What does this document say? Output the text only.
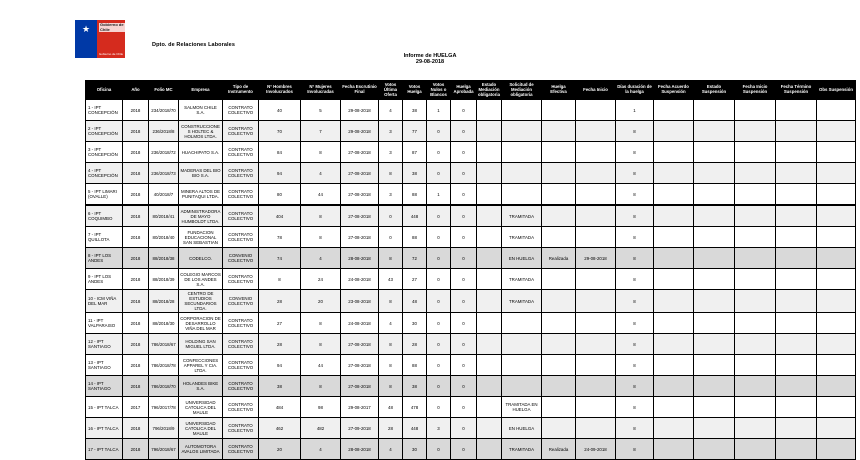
★	Gobierno de Chile
Gobierno de Chile
Dpto. de Relaciones Laborales
Informe de HUELGA
29-08-2018
Oficina	Año	Folio MC	Empresa	Tipo de Instrumento	N° Hombres Involucrados	N° Mujeres Involucradas	Fecha Escrutinio Final	Votos Última Oferta	Votos Huelga	Votos Nulos o Blancos	Huelga Aprobada	Estado Mediación obligatoria	Solicitud de Mediación obligatoria	Huelga Efectiva	Fecha Inicio	Días duración de la huelga	Fecha Acuerdo Suspensión	Estado Suspensión	Fecha Inicio Suspensión	Fecha Término Suspensión	Obs Suspensión
1 - IPT CONCEPCIÓN	2018	234/2018/70	SALMON CHILE S.A.	CONTRATO COLECTIVO	40	5	29-08-2018	4	38	1	0					1					
2 - IPT CONCEPCIÓN	2018	236/2018/8	CONSTRUCCIONES HOLTEC & HOLMOS LTDA.	CONTRATO COLECTIVO	70	7	29-08-2018	3	77	0	0					8					
3 - IPT CONCEPCIÓN	2018	236/2018/72	HUACHIPATO S.A.	CONTRATO COLECTIVO	84	8	27-08-2018	3	87	0	0					8					
4 - IPT CONCEPCIÓN	2018	236/2018/73	MADERAS DEL BIO BIO S.A.	CONTRATO COLECTIVO	94	4	27-08-2018	8	38	0	0					8					
5 - IPT LIMARI (OVALLE)	2018	40/2018/7	MINERA ALTOS DE PUNITAQUI LTDA.	CONTRATO COLECTIVO	80	44	27-08-2018	3	88	1	0					8					
6 - IPT COQUIMBO	2018	80/2018/41	ADMINISTRADORA DE MAYO HUMBOLDT LTDA.	CONTRATO COLECTIVO	404	8	27-08-2018	0	448	0	0		TRAMITADA			8					
7 - IPT QUILLOTA	2018	80/2018/40	FUNDACION EDUCACIONAL SAN SEBASTIAN	CONTRATO COLECTIVO	78	8	27-08-2018	0	88	0	0		TRAMITADA			8					
8 - IPT LOS ANDES	2018	88/2018/38	CODELCO.	CONVENIO COLECTIVO	74	4	28-08-2018	8	72	0	0		EN HUELGA	Realizada	29-08-2018	8					
9 - IPT LOS ANDES	2018	88/2018/39	COLEGIO MARCOS DE LOS ANDES S.A.	CONTRATO COLECTIVO	8	24	24-08-2018	43	27	0	0		TRAMITADA			8					
10 - ICM VIÑA DEL MAR	2018	88/2018/28	CENTRO DE ESTUDIOS SECUNDARIOS LTDA.	CONVENIO COLECTIVO	28	20	23-08-2018	8	48	0	0		TRAMITADA			8					
11 - IPT VALPARAISO	2018	88/2018/30	CORPORACION DE DESARROLLO VIÑA DEL MAR	CONTRATO COLECTIVO	27	8	24-08-2018	4	30	0	0					8					
12 - IPT SANTIAGO	2018	786/2018/67	HOLDING SAN MIGUEL LTDA.	CONTRATO COLECTIVO	28	8	27-08-2018	8	28	0	0					8					
13 - IPT SANTIAGO	2018	786/2018/78	CONFECCIONES APPAREL Y CIA. LTDA.	CONTRATO COLECTIVO	94	44	27-08-2018	8	88	0	0					8					
14 - IPT SANTIAGO	2018	786/2018/70	HOLANDES BIKE S.A.	CONTRATO COLECTIVO	38	8	27-08-2018	8	38	0	0					8					
15 - IPT TALCA	2017	796/2017/78	UNIVERSIDAD CATOLICA DEL MAULE	CONTRATO COLECTIVO	484	98	29-08-2017	48	478	0	0		TRAMITADA EN HUELGA			8					
16 - IPT TALCA	2018	796/2018/9	UNIVERSIDAD CATOLICA DEL MAULE	CONTRATO COLECTIVO	462	482	27-09-2018	28	448	3	0		EN HUELGA			8					
17 - IPT TALCA	2018	796/2018/67	AUTOMOTORA AVALOS LIMITADA	CONTRATO COLECTIVO	20	4	28-08-2018	4	30	0	0		TRAMITADA	Realizada	24-09-2018	8					
